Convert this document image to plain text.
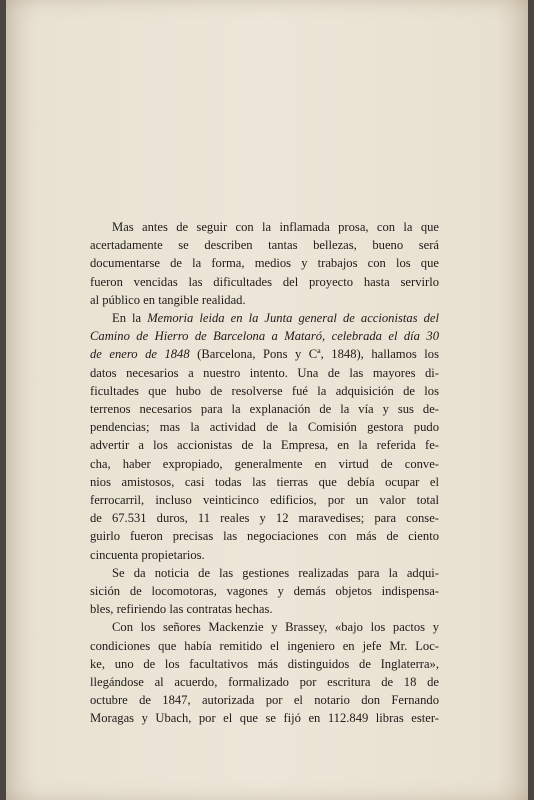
Mas antes de seguir con la inflamada prosa, con la que
acertadamente se describen tantas bellezas, bueno será
documentarse de la forma, medios y trabajos con los que
fueron vencidas las dificultades del proyecto hasta servirlo
al público en tangible realidad.

En la Memoria leida en la Junta general de accionistas del
Camino de Hierro de Barcelona a Mataró, celebrada el día 30
de enero de 1848 (Barcelona, Pons y Cª, 1848), hallamos los
datos necesarios a nuestro intento. Una de las mayores di-
ficultades que hubo de resolverse fué la adquisición de los
terrenos necesarios para la explanación de la vía y sus de-
pendencias; mas la actividad de la Comisión gestora pudo
advertir a los accionistas de la Empresa, en la referida fe-
cha, haber expropiado, generalmente en virtud de conve-
nios amistosos, casi todas las tierras que debía ocupar el
ferrocarril, incluso veinticinco edificios, por un valor total
de 67.531 duros, 11 reales y 12 maravedises; para conse-
guirlo fueron precisas las negociaciones con más de ciento
cincuenta propietarios.

Se da noticia de las gestiones realizadas para la adqui-
sición de locomotoras, vagones y demás objetos indispensa-
bles, refiriendo las contratas hechas.

Con los señores Mackenzie y Brassey, «bajo los pactos y
condiciones que había remitido el ingeniero en jefe Mr. Loc-
ke, uno de los facultativos más distinguidos de Inglaterra»,
llegándose al acuerdo, formalizado por escritura de 18 de
octubre de 1847, autorizada por el notario don Fernando
Moragas y Ubach, por el que se fijó en 112.849 libras ester-
